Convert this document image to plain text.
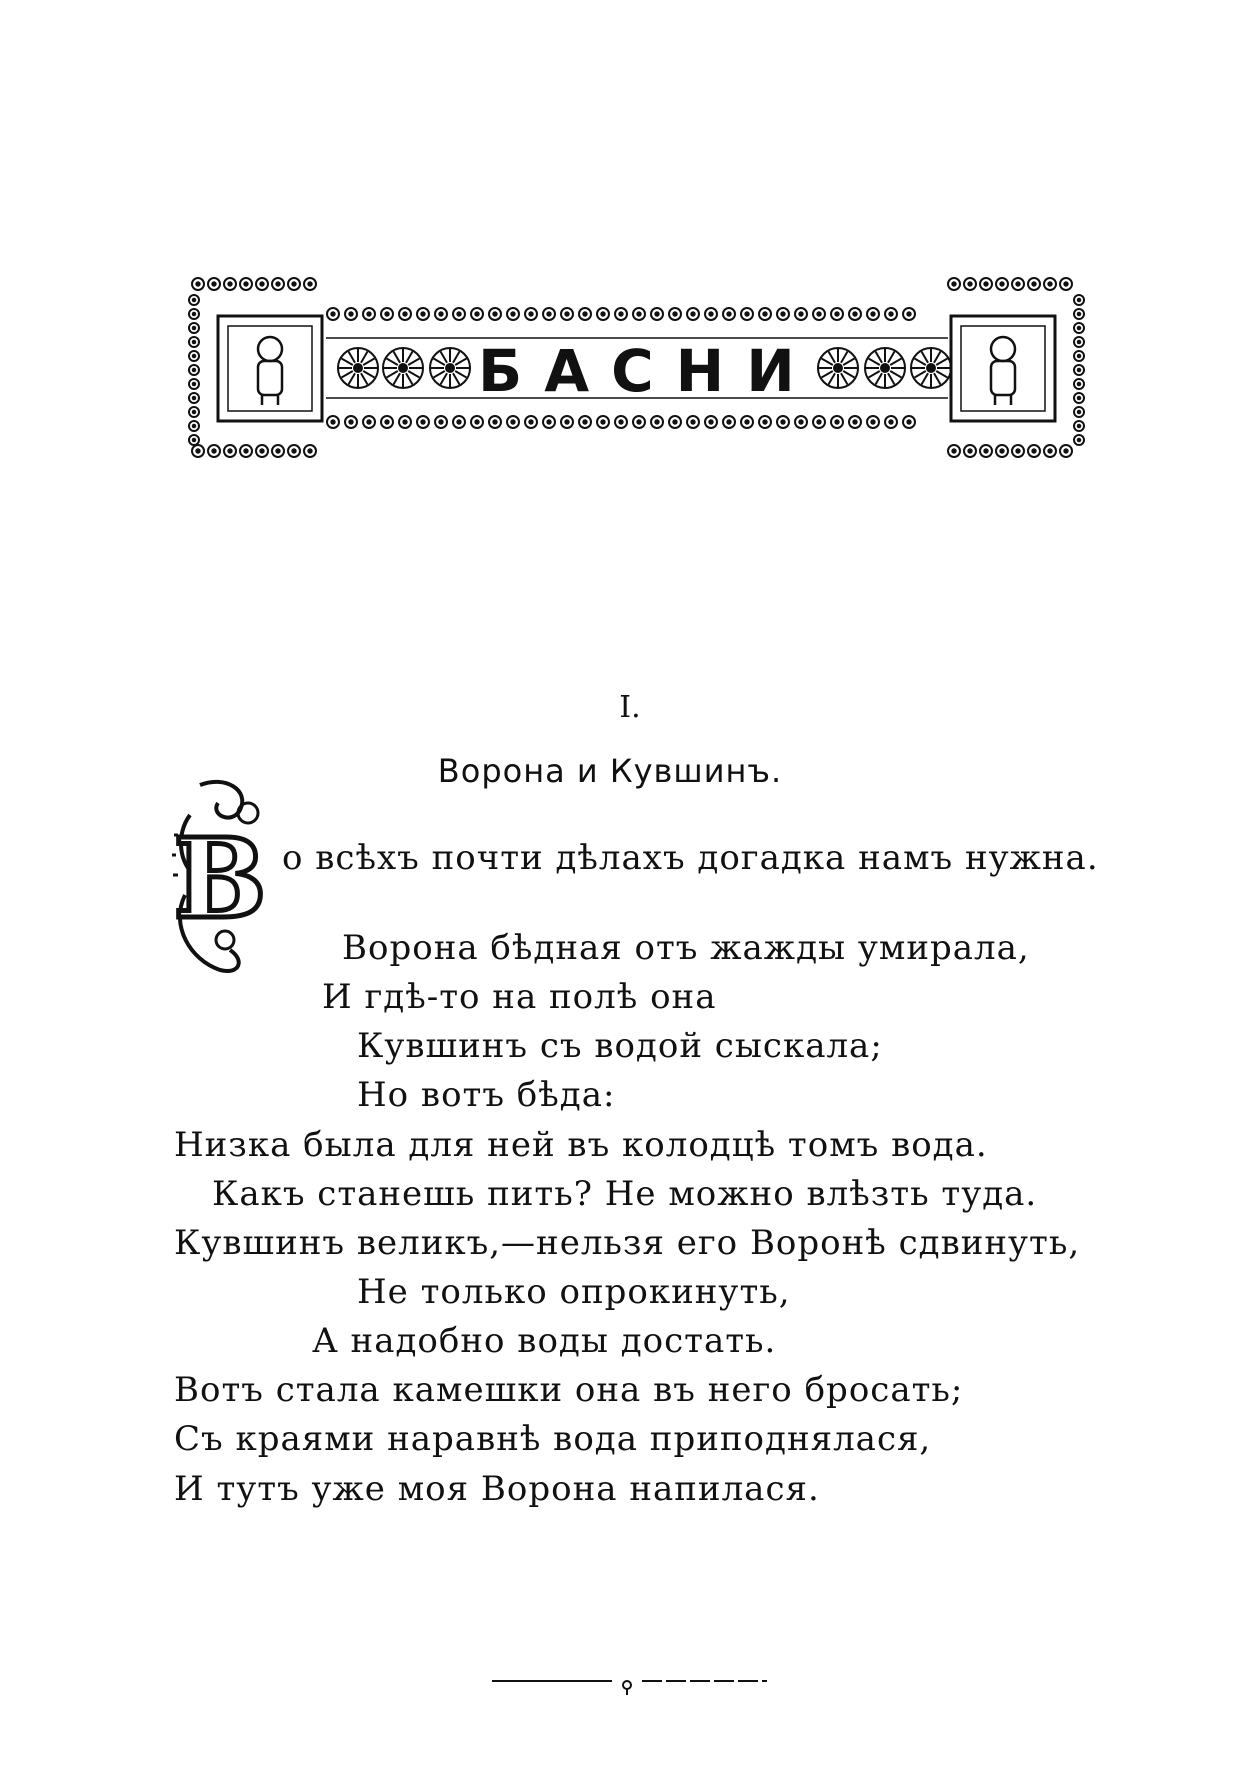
БАСНИ
I.
Ворона и Кувшинъ.
В о всѣхъ почти дѣлахъ догадка намъ нужна.
Ворона бѣдная отъ жажды умирала,
И гдѣ-то на полѣ она
Кувшинъ съ водой сыскала;
Но вотъ бѣда:
Низка была для ней въ колодцѣ томъ вода.
Какъ станешь пить? Не можно влѣзть туда.
Кувшинъ великъ,—нельзя его Воронѣ сдвинуть,
Не только опрокинуть,
А надобно воды достать.
Вотъ стала камешки она въ него бросать;
Съ краями наравнѣ вода приподнялася,
И тутъ уже моя Ворона напилася.
